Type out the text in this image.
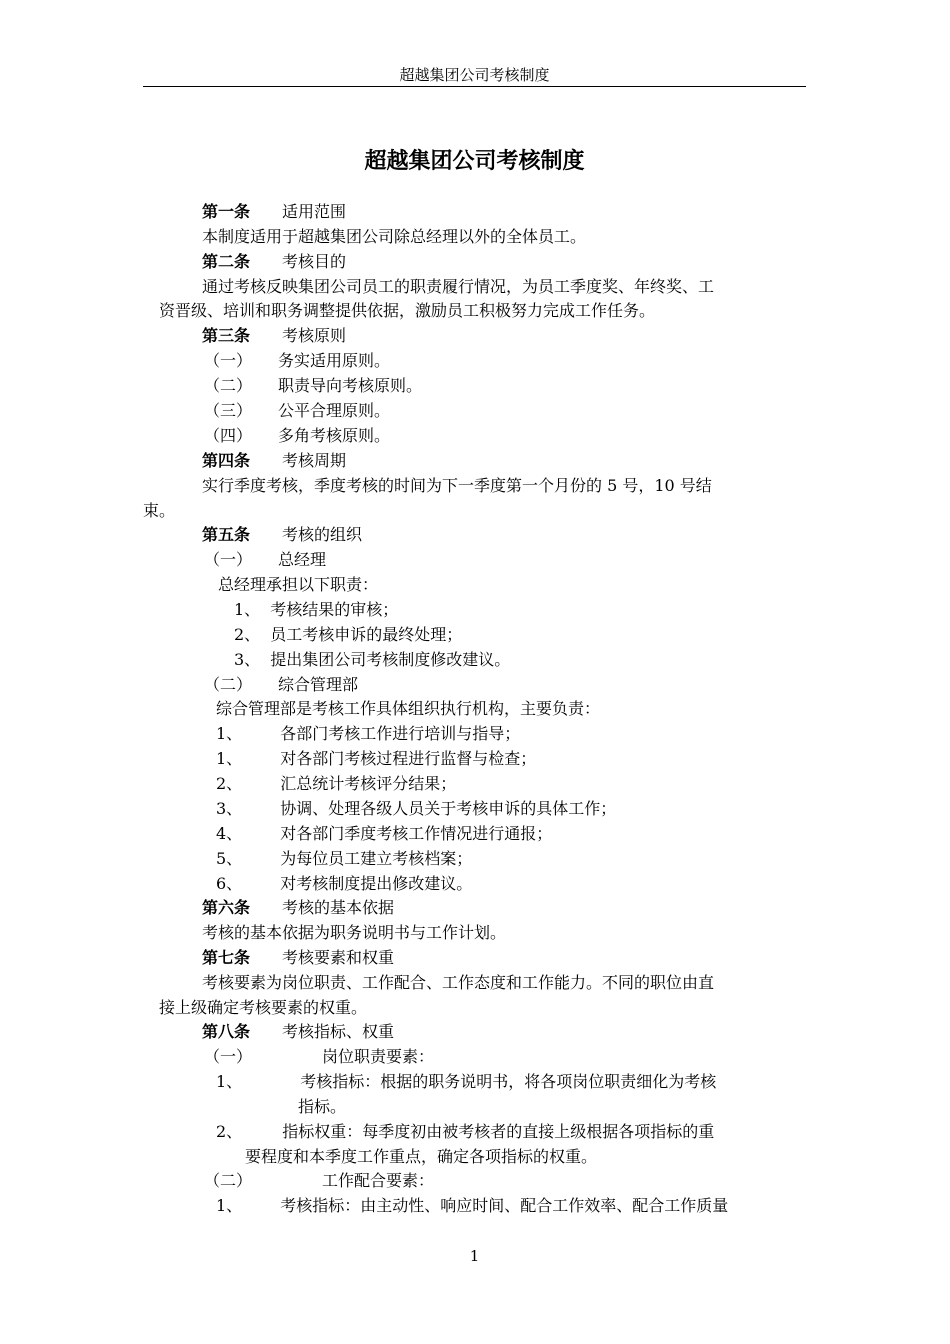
超越集团公司考核制度
超越集团公司考核制度
第一条 适用范围
本制度适用于超越集团公司除总经理以外的全体员工。
第二条 考核目的
通过考核反映集团公司员工的职责履行情况，为员工季度奖、年终奖、工
资晋级、培训和职务调整提供依据，激励员工积极努力完成工作任务。
第三条 考核原则
（一） 务实适用原则。
（二） 职责导向考核原则。
（三） 公平合理原则。
（四） 多角考核原则。
第四条 考核周期
实行季度考核，季度考核的时间为下一季度第一个月份的 5 号，10 号结
束。
第五条 考核的组织
（一） 总经理
总经理承担以下职责：
1、 考核结果的审核；
2、 员工考核申诉的最终处理；
3、 提出集团公司考核制度修改建议。
（二） 综合管理部
综合管理部是考核工作具体组织执行机构，主要负责：
1、 各部门考核工作进行培训与指导；
1、 对各部门考核过程进行监督与检查；
2、 汇总统计考核评分结果；
3、 协调、处理各级人员关于考核申诉的具体工作；
4、 对各部门季度考核工作情况进行通报；
5、 为每位员工建立考核档案；
6、 对考核制度提出修改建议。
第六条 考核的基本依据
考核的基本依据为职务说明书与工作计划。
第七条 考核要素和权重
考核要素为岗位职责、工作配合、工作态度和工作能力。不同的职位由直
接上级确定考核要素的权重。
第八条 考核指标、权重
（一）	岗位职责要素：
1、	考核指标：根据的职务说明书，将各项岗位职责细化为考核
指标。
2、	指标权重：每季度初由被考核者的直接上级根据各项指标的重
要程度和本季度工作重点，确定各项指标的权重。
（二）	工作配合要素：
1、 考核指标：由主动性、响应时间、配合工作效率、配合工作质量
1
